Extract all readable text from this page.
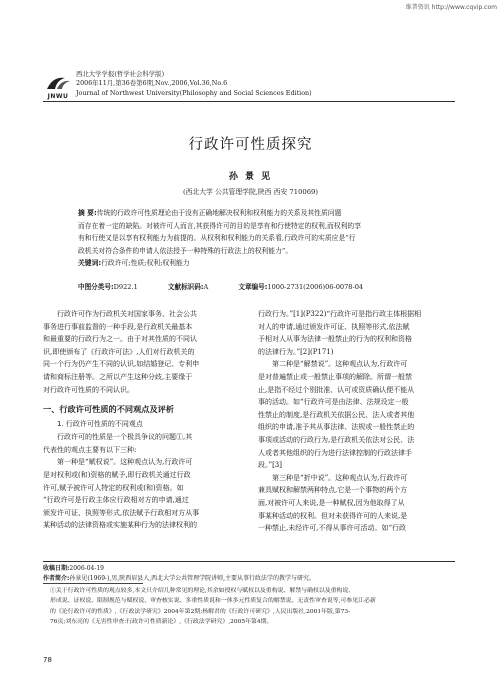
维普资讯 http://www.cqvip.com
JNWU
西北大学学报(哲学社会科学版)
2006年11月,第36卷第6期,Nov.,2006,Vol.36,No.6
Journal of Northwest University(Philosophy and Social Sciences Edition)
行政许可性质探究
孙 景 见
(西北大学 公共管理学院,陕西 西安 710069)
摘 要:传统的行政许可性质理论由于没有正确地解决权利和权利能力的关系及其性质问题
而存在着一定的缺陷。对被许可人而言,其获得许可的目的是享有和行使特定的权利,而权利的享
有和行使又是以享有权利能力为前提的。从权利和权利能力的关系看,行政许可的实质应是“行
政机关对符合条件的申请人依法授予一种特殊的行政法上的权利能力”。
关键词:行政许可;性质;权利;权利能力
中图分类号:D922.1	文献标识码:A	文章编号:1000-2731(2006)06-0078-04

行政许可作为行政机关对国家事务、社会公共
事务进行事前监督的一种手段,是行政机关最基本
和最重要的行政行为之一。由于对其性质的不同认
识,即使颁布了《行政许可法》,人们对行政机关的
同一个行为仍产生不同的认识,如结婚登记、专利申
请和商标注册等。之所以产生这种分歧,主要缘于
对行政许可性质的不同认识。

一、行政许可性质的不同观点及评析
1. 行政许可性质的不同观点

行政许可的性质是一个极具争议的问题①,其
代表性的观点主要有以下三种:

第一种是“赋权说”。这种观点认为,行政许可
是对权利或(和)资格的赋予,即行政机关通过行政
许可,赋予被许可人特定的权利或(和)资格。如
“行政许可是行政主体应行政相对方的申请,通过
颁发许可证、执照等形式,依法赋予行政相对方从事
某种活动的法律资格或实施某种行为的法律权利的

行政行为。”[1](P322)“行政许可是指行政主体根据相
对人的申请,通过颁发许可证、执照等形式,依法赋
予相对人从事为法律一般禁止的行为的权利和资格
的法律行为。”[2](P171)

第二种是“解禁说”。这种观点认为,行政许可
是对普遍禁止或一般禁止事项的解除。所谓一般禁
止,是指不经过个别批准、认可或资质确认便不能从
事的活动。如“行政许可是由法律、法规设定一般
性禁止的制度,是行政机关依据公民、法人或者其他
组织的申请,准予其从事法律、法规或一般性禁止的
事项或活动的行政行为,是行政机关依法对公民、法
人或者其他组织的行为进行法律控制的行政法律手
段。”[3]

第三种是“折中说”。这种观点认为,行政许可
兼具赋权和解禁两种特点,它是一个事物的两个方
面,对被许可人来说,是一种赋权,因为他取得了从
事某种活动的权利。但对未获得许可的人来说,是
一种禁止,未经许可,不得从事许可活动。如“行政

收稿日期:2006-04-19
作者简介:孙景见(1969-),男,陕西眉县人,西北大学公共管理学院讲师,主要从事行政法学的教学与研究。
①关于行政许可性质的观点较多,本文只介绍几种常见的理论,其余如授权与赋权以及重构说、解禁与确权以及重构说、
形成说、证权说、限制规范与赋权说、审查核实说、多重性质说和一体多元性质复合的解禁说、无责性审查说等,可参见江必新
的《论行政许可的性质》,《行政法学研究》2004年第2期;杨解君的《行政许可研究》,人民出版社,2001年版,第73-
76页;刘东亮的《无害性审查:行政许可性质新论》,《行政法学研究》,2005年第4期。
78
